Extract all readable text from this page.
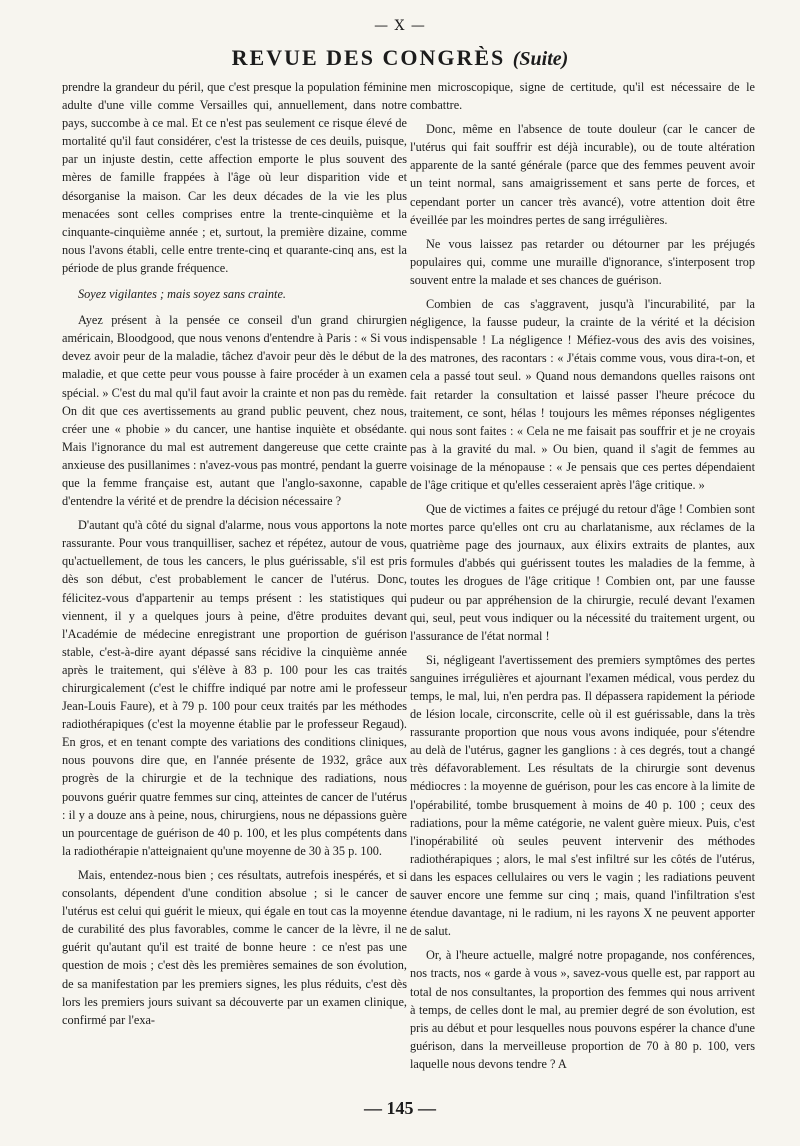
— X —
REVUE DES CONGRÈS (Suite)

prendre la grandeur du péril, que c'est presque la population féminine adulte d'une ville comme Versailles qui, annuellement, dans notre pays, succombe à ce mal. Et ce n'est pas seulement ce risque élevé de mortalité qu'il faut considérer, c'est la tristesse de ces deuils, puisque, par un injuste destin, cette affection emporte le plus souvent des mères de famille frappées à l'âge où leur disparition vide et désorganise la maison. Car les deux décades de la vie les plus menacées sont celles comprises entre la trente-cinquième et la cinquante-cinquième année ; et, surtout, la première dizaine, comme nous l'avons établi, celle entre trente-cinq et quarante-cinq ans, est la période de plus grande fréquence.

Soyez vigilantes ; mais soyez sans crainte.

Ayez présent à la pensée ce conseil d'un grand chirurgien américain, Bloodgood, que nous venons d'entendre à Paris : « Si vous devez avoir peur de la maladie, tâchez d'avoir peur dès le début de la maladie, et que cette peur vous pousse à faire procéder à un examen spécial. » C'est du mal qu'il faut avoir la crainte et non pas du remède. On dit que ces avertissements au grand public peuvent, chez nous, créer une « phobie » du cancer, une hantise inquiète et obsédante. Mais l'ignorance du mal est autrement dangereuse que cette crainte anxieuse des pusillanimes : n'avez-vous pas montré, pendant la guerre que la femme française est, autant que l'anglo-saxonne, capable d'entendre la vérité et de prendre la décision nécessaire ?

D'autant qu'à côté du signal d'alarme, nous vous apportons la note rassurante. Pour vous tranquilliser, sachez et répétez, autour de vous, qu'actuellement, de tous les cancers, le plus guérissable, s'il est pris dès son début, c'est probablement le cancer de l'utérus. Donc, félicitez-vous d'appartenir au temps présent : les statistiques qui viennent, il y a quelques jours à peine, d'être produites devant l'Académie de médecine enregistrant une proportion de guérison stable, c'est-à-dire ayant dépassé sans récidive la cinquième année après le traitement, qui s'élève à 83 p. 100 pour les cas traités chirurgicalement (c'est le chiffre indiqué par notre ami le professeur Jean-Louis Faure), et à 79 p. 100 pour ceux traités par les méthodes radiothérapiques (c'est la moyenne établie par le professeur Regaud). En gros, et en tenant compte des variations des conditions cliniques, nous pouvons dire que, en l'année présente de 1932, grâce aux progrès de la chirurgie et de la technique des radiations, nous pouvons guérir quatre femmes sur cinq, atteintes de cancer de l'utérus : il y a douze ans à peine, nous, chirurgiens, nous ne dépassions guère un pourcentage de guérison de 40 p. 100, et les plus compétents dans la radiothérapie n'atteignaient qu'une moyenne de 30 à 35 p. 100.

Mais, entendez-nous bien ; ces résultats, autrefois inespérés, et si consolants, dépendent d'une condition absolue ; si le cancer de l'utérus est celui qui guérit le mieux, qui égale en tout cas la moyenne de curabilité des plus favorables, comme le cancer de la lèvre, il ne guérit qu'autant qu'il est traité de bonne heure : ce n'est pas une question de mois ; c'est dès les premières semaines de son évolution, de sa manifestation par les premiers signes, les plus réduits, c'est dès lors les premiers jours suivant sa découverte par un examen clinique, confirmé par l'exa-

men microscopique, signe de certitude, qu'il est nécessaire de le combattre.

Donc, même en l'absence de toute douleur (car le cancer de l'utérus qui fait souffrir est déjà incurable), ou de toute altération apparente de la santé générale (parce que des femmes peuvent avoir un teint normal, sans amaigrissement et sans perte de forces, et cependant porter un cancer très avancé), votre attention doit être éveillée par les moindres pertes de sang irrégulières.

Ne vous laissez pas retarder ou détourner par les préjugés populaires qui, comme une muraille d'ignorance, s'interposent trop souvent entre la malade et ses chances de guérison.

Combien de cas s'aggravent, jusqu'à l'incurabilité, par la négligence, la fausse pudeur, la crainte de la vérité et la décision indispensable ! La négligence ! Méfiez-vous des avis des voisines, des matrones, des racontars : « J'étais comme vous, vous dira-t-on, et cela a passé tout seul. » Quand nous demandons quelles raisons ont fait retarder la consultation et laissé passer l'heure précoce du traitement, ce sont, hélas ! toujours les mêmes réponses négligentes qui nous sont faites : « Cela ne me faisait pas souffrir et je ne croyais pas à la gravité du mal. » Ou bien, quand il s'agit de femmes au voisinage de la ménopause : « Je pensais que ces pertes dépendaient de l'âge critique et qu'elles cesseraient après l'âge critique. »

Que de victimes a faites ce préjugé du retour d'âge ! Combien sont mortes parce qu'elles ont cru au charlatanisme, aux réclames de la quatrième page des journaux, aux élixirs extraits de plantes, aux formules d'abbés qui guérissent toutes les maladies de la femme, à toutes les drogues de l'âge critique ! Combien ont, par une fausse pudeur ou par appréhension de la chirurgie, reculé devant l'examen qui, seul, peut vous indiquer ou la nécessité du traitement urgent, ou l'assurance de l'état normal !

Si, négligeant l'avertissement des premiers symptômes des pertes sanguines irrégulières et ajournant l'examen médical, vous perdez du temps, le mal, lui, n'en perdra pas. Il dépassera rapidement la période de lésion locale, circonscrite, celle où il est guérissable, dans la très rassurante proportion que nous vous avons indiquée, pour s'étendre au delà de l'utérus, gagner les ganglions : à ces degrés, tout a changé très défavorablement. Les résultats de la chirurgie sont devenus médiocres : la moyenne de guérison, pour les cas encore à la limite de l'opérabilité, tombe brusquement à moins de 40 p. 100 ; ceux des radiations, pour la même catégorie, ne valent guère mieux. Puis, c'est l'inopérabilité où seules peuvent intervenir des méthodes radiothérapiques ; alors, le mal s'est infiltré sur les côtés de l'utérus, dans les espaces cellulaires ou vers le vagin ; les radiations peuvent sauver encore une femme sur cinq ; mais, quand l'infiltration s'est étendue davantage, ni le radium, ni les rayons X ne peuvent apporter de salut.

Or, à l'heure actuelle, malgré notre propagande, nos conférences, nos tracts, nos « garde à vous », savez-vous quelle est, par rapport au total de nos consultantes, la proportion des femmes qui nous arrivent à temps, de celles dont le mal, au premier degré de son évolution, est pris au début et pour lesquelles nous pouvons espérer la chance d'une guérison, dans la merveilleuse proportion de 70 à 80 p. 100, vers laquelle nous devons tendre ? A

— 145 —
